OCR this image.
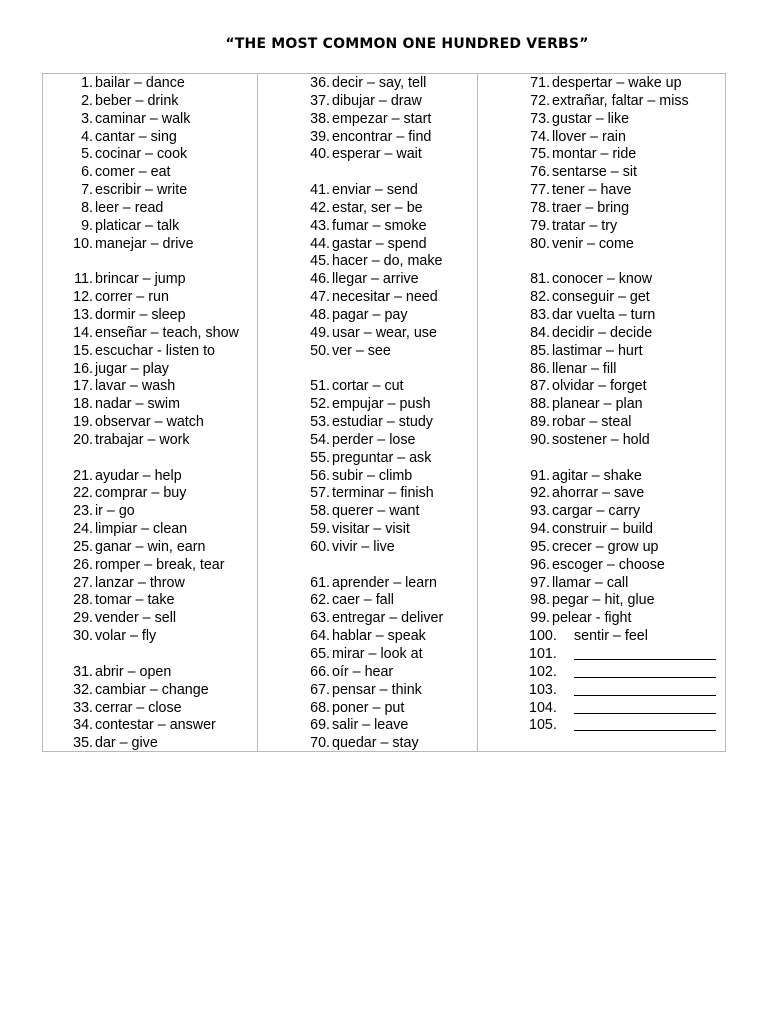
“THE MOST COMMON ONE HUNDRED VERBS”
1. bailar – dance
2. beber – drink
3. caminar – walk
4. cantar – sing
5. cocinar – cook
6. comer – eat
7. escribir – write
8. leer – read
9. platicar – talk
10. manejar – drive
11. brincar – jump
12. correr – run
13. dormir – sleep
14. enseñar – teach, show
15. escuchar - listen to
16. jugar – play
17. lavar – wash
18. nadar – swim
19. observar – watch
20. trabajar – work
21. ayudar – help
22. comprar – buy
23. ir – go
24. limpiar – clean
25. ganar – win, earn
26. romper – break, tear
27. lanzar – throw
28. tomar – take
29. vender – sell
30. volar – fly
31. abrir – open
32. cambiar – change
33. cerrar – close
34. contestar – answer
35. dar – give
36. decir – say, tell
37. dibujar – draw
38. empezar – start
39. encontrar – find
40. esperar – wait
41. enviar – send
42. estar, ser – be
43. fumar – smoke
44. gastar – spend
45. hacer – do, make
46. llegar – arrive
47. necesitar – need
48. pagar – pay
49. usar – wear, use
50. ver – see
51. cortar – cut
52. empujar – push
53. estudiar – study
54. perder – lose
55. preguntar – ask
56. subir – climb
57. terminar – finish
58. querer – want
59. visitar – visit
60. vivir – live
61. aprender – learn
62. caer – fall
63. entregar – deliver
64. hablar – speak
65. mirar – look at
66. oír – hear
67. pensar – think
68. poner – put
69. salir – leave
70. quedar – stay
71. despertar – wake up
72. extrañar, faltar – miss
73. gustar – like
74. llover – rain
75. montar – ride
76. sentarse – sit
77. tener – have
78. traer – bring
79. tratar – try
80. venir – come
81. conocer – know
82. conseguir – get
83. dar vuelta – turn
84. decidir – decide
85. lastimar – hurt
86. llenar – fill
87. olvidar – forget
88. planear – plan
89. robar – steal
90. sostener – hold
91. agitar – shake
92. ahorrar – save
93. cargar – carry
94. construir – build
95. crecer – grow up
96. escoger – choose
97. llamar – call
98. pegar – hit, glue
99. pelear - fight
100. sentir – feel
101.
102.
103.
104.
105.
